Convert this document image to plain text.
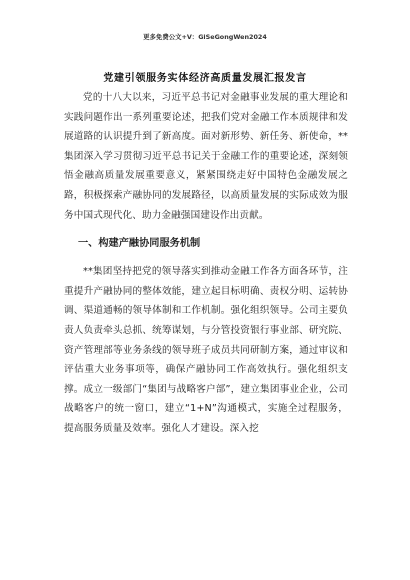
更多免费公文+V：GiSeGongWen2024
党建引领服务实体经济高质量发展汇报发言

党的十八大以来，习近平总书记对金融事业发展的重大理论和实践问题作出一系列重要论述，把我们党对金融工作本质规律和发展道路的认识提升到了新高度。面对新形势、新任务、新使命，**集团深入学习贯彻习近平总书记关于金融工作的重要论述，深刻领悟金融高质量发展重要意义，紧紧围绕走好中国特色金融发展之路，积极探索产融协同的发展路径，以高质量发展的实际成效为服务中国式现代化、助力金融强国建设作出贡献。

一、构建产融协同服务机制

**集团坚持把党的领导落实到推动金融工作各方面各环节，注重提升产融协同的整体效能，建立起目标明确、责权分明、运转协调、渠道通畅的领导体制和工作机制。强化组织领导。公司主要负责人负责牵头总抓、统筹谋划，与分管投资银行事业部、研究院、资产管理部等业务条线的领导班子成员共同研制方案，通过审议和评估重大业务事项等，确保产融协同工作高效执行。强化组织支撑。成立一级部门“集团与战略客户部”，建立集团事业企业，公司战略客户的统一窗口，建立“1+N”沟通模式，实施全过程服务，提高服务质量及效率。强化人才建设。深入挖
